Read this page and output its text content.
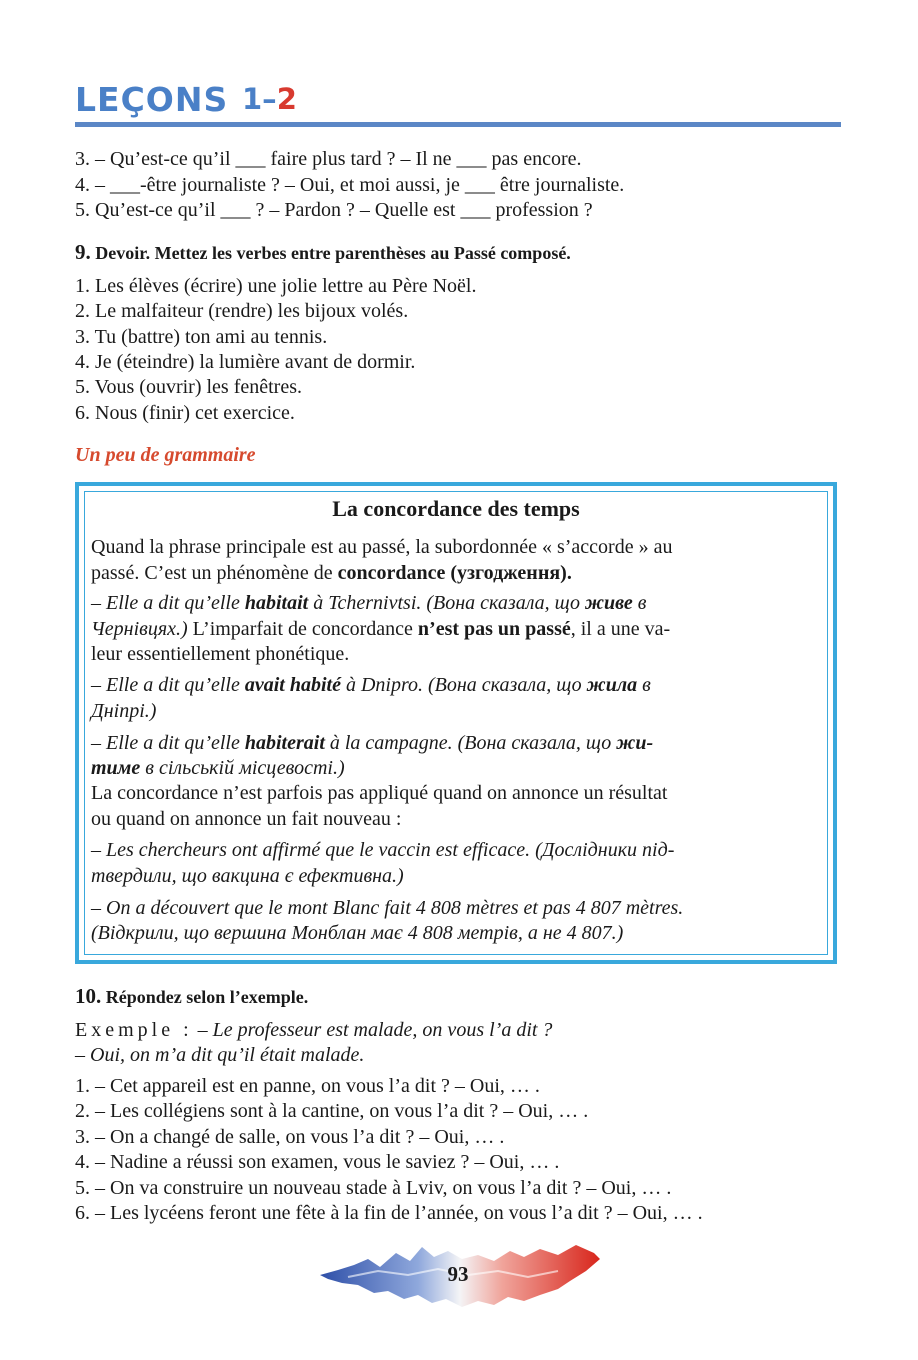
LEÇONS 1–2
3. – Qu’est-ce qu’il ___ faire plus tard ? – Il ne ___ pas encore.
4. – ___-être journaliste ? – Oui, et moi aussi, je ___ être journaliste.
5. Qu’est-ce qu’il ___ ? – Pardon ? – Quelle est ___ profession ?
9. Devoir. Mettez les verbes entre parenthèses au Passé composé.
1. Les élèves (écrire) une jolie lettre au Père Noël.
2. Le malfaiteur (rendre) les bijoux volés.
3. Tu (battre) ton ami au tennis.
4. Je (éteindre) la lumière avant de dormir.
5. Vous (ouvrir) les fenêtres.
6. Nous (finir) cet exercice.
Un peu de grammaire
La concordance des temps
Quand la phrase principale est au passé, la subordonnée « s’accorde » au
passé. C’est un phénomène de concordance (узгодження).
– Elle a dit qu’elle habitait à Tchernivtsi. (Вона сказала, що живе в
Чернівцях.) L’imparfait de concordance n’est pas un passé, il a une va-
leur essentiellement phonétique.
– Elle a dit qu’elle avait habité à Dnipro. (Вона сказала, що жила в
Дніпрі.)
– Elle a dit qu’elle habiterait à la campagne. (Вона сказала, що жи-
тиме в сільській місцевості.)
La concordance n’est parfois pas appliqué quand on annonce un résultat
ou quand on annonce un fait nouveau :
– Les chercheurs ont affirmé que le vaccin est efficace. (Дослідники під-
твердили, що вакцина є ефективна.)
– On a découvert que le mont Blanc fait 4 808 mètres et pas 4 807 mètres.
(Відкрили, що вершина Монблан має 4 808 метрів, а не 4 807.)
10. Répondez selon l’exemple.
Exemple : – Le professeur est malade, on vous l’a dit ?
– Oui, on m’a dit qu’il était malade.
1. – Cet appareil est en panne, on vous l’a dit ? – Oui, … .
2. – Les collégiens sont à la cantine, on vous l’a dit ? – Oui, … .
3. – On a changé de salle, on vous l’a dit ? – Oui, … .
4. – Nadine a réussi son examen, vous le saviez ? – Oui, … .
5. – On va construire un nouveau stade à Lviv, on vous l’a dit ? – Oui, … .
6. – Les lycéens feront une fête à la fin de l’année, on vous l’a dit ? – Oui, … .
93
